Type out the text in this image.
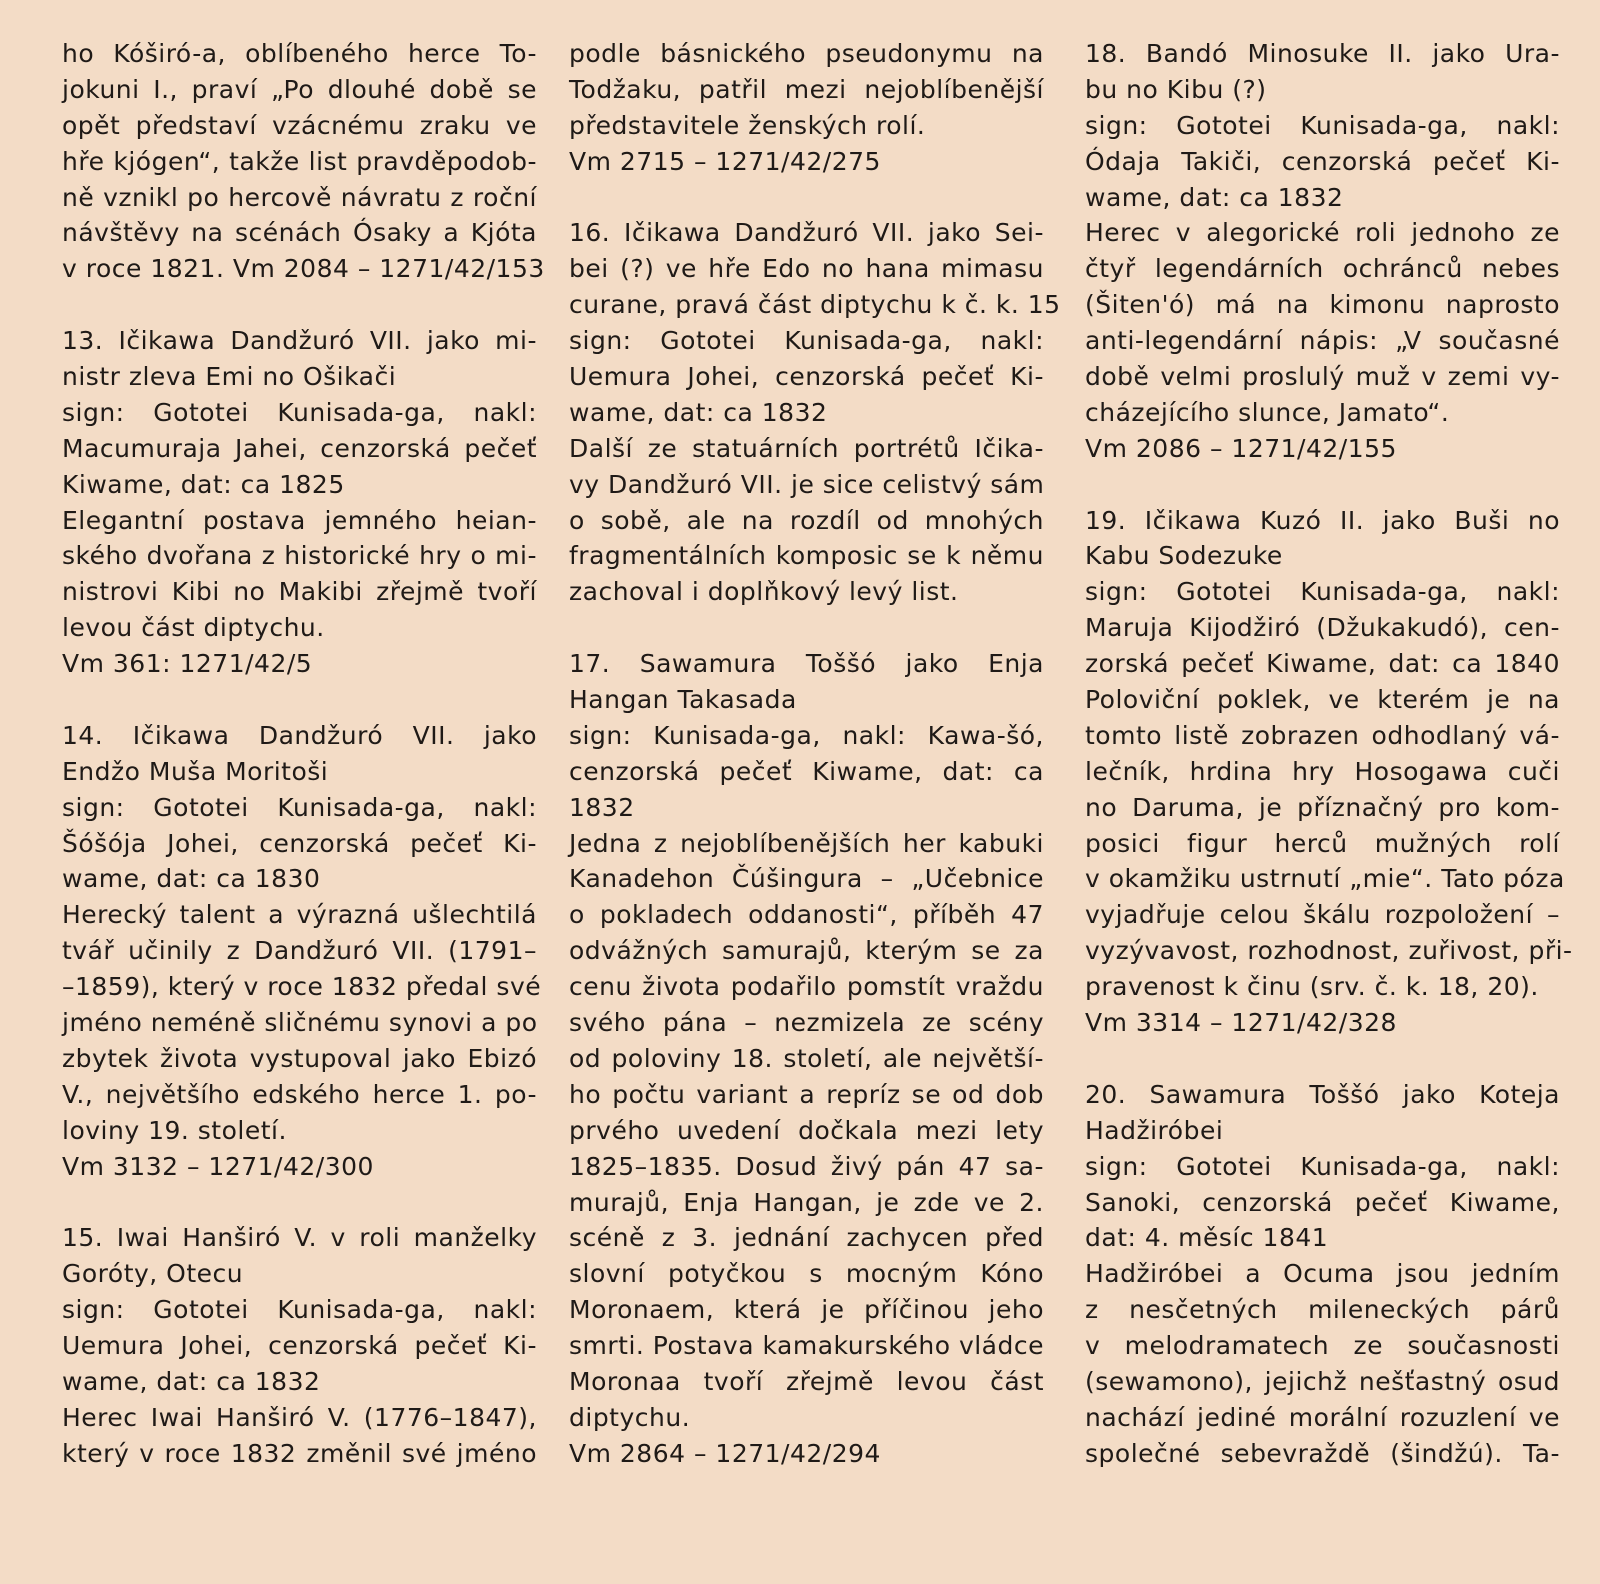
ho Kóširó-a, oblíbeného herce To-
jokuni I., praví „Po dlouhé době se
opět představí vzácnému zraku ve
hře kjógen“, takže list pravděpodob-
ně vznikl po hercově návratu z roční
návštěvy na scénách Ósaky a Kjóta
v roce 1821. Vm 2084 – 1271/42/153
13. Ičikawa Dandžuró VII. jako mi-
nistr zleva Emi no Ošikači
sign: Gototei Kunisada-ga, nakl:
Macumuraja Jahei, cenzorská pečeť
Kiwame, dat: ca 1825
Elegantní postava jemného heian-
ského dvořana z historické hry o mi-
nistrovi Kibi no Makibi zřejmě tvoří
levou část diptychu.
Vm 361: 1271/42/5
14. Ičikawa Dandžuró VII. jako
Endžo Muša Moritoši
sign: Gototei Kunisada-ga, nakl:
Šóšója Johei, cenzorská pečeť Ki-
wame, dat: ca 1830
Herecký talent a výrazná ušlechtilá
tvář učinily z Dandžuró VII. (1791–
–1859), který v roce 1832 předal své
jméno neméně sličnému synovi a po
zbytek života vystupoval jako Ebizó
V., největšího edského herce 1. po-
loviny 19. století.
Vm 3132 – 1271/42/300
15. Iwai Hanširó V. v roli manželky
Goróty, Otecu
sign: Gototei Kunisada-ga, nakl:
Uemura Johei, cenzorská pečeť Ki-
wame, dat: ca 1832
Herec Iwai Hanširó V. (1776–1847),
který v roce 1832 změnil své jméno
podle básnického pseudonymu na
Todžaku, patřil mezi nejoblíbenější
představitele ženských rolí.
Vm 2715 – 1271/42/275
16. Ičikawa Dandžuró VII. jako Sei-
bei (?) ve hře Edo no hana mimasu
curane, pravá část diptychu k č. k. 15
sign: Gototei Kunisada-ga, nakl:
Uemura Johei, cenzorská pečeť Ki-
wame, dat: ca 1832
Další ze statuárních portrétů Ičika-
vy Dandžuró VII. je sice celistvý sám
o sobě, ale na rozdíl od mnohých
fragmentálních komposic se k němu
zachoval i doplňkový levý list.
17. Sawamura Toššó jako Enja
Hangan Takasada
sign: Kunisada-ga, nakl: Kawa-šó,
cenzorská pečeť Kiwame, dat: ca
1832
Jedna z nejoblíbenějších her kabuki
Kanadehon Čúšingura – „Učebnice
o pokladech oddanosti“, příběh 47
odvážných samurajů, kterým se za
cenu života podařilo pomstít vraždu
svého pána – nezmizela ze scény
od poloviny 18. století, ale největší-
ho počtu variant a repríz se od dob
prvého uvedení dočkala mezi lety
1825–1835. Dosud živý pán 47 sa-
murajů, Enja Hangan, je zde ve 2.
scéně z 3. jednání zachycen před
slovní potyčkou s mocným Kóno
Moronaem, která je příčinou jeho
smrti. Postava kamakurského vládce
Moronaa tvoří zřejmě levou část
diptychu.
Vm 2864 – 1271/42/294
18. Bandó Minosuke II. jako Ura-
bu no Kibu (?)
sign: Gototei Kunisada-ga, nakl:
Ódaja Takiči, cenzorská pečeť Ki-
wame, dat: ca 1832
Herec v alegorické roli jednoho ze
čtyř legendárních ochránců nebes
(Šiten'ó) má na kimonu naprosto
anti-legendární nápis: „V současné
době velmi proslulý muž v zemi vy-
cházejícího slunce, Jamato“.
Vm 2086 – 1271/42/155
19. Ičikawa Kuzó II. jako Buši no
Kabu Sodezuke
sign: Gototei Kunisada-ga, nakl:
Maruja Kijodžiró (Džukakudó), cen-
zorská pečeť Kiwame, dat: ca 1840
Poloviční poklek, ve kterém je na
tomto listě zobrazen odhodlaný vá-
lečník, hrdina hry Hosogawa cuči
no Daruma, je příznačný pro kom-
posici figur herců mužných rolí
v okamžiku ustrnutí „mie“. Tato póza
vyjadřuje celou škálu rozpoložení –
vyzývavost, rozhodnost, zuřivost, při-
pravenost k činu (srv. č. k. 18, 20).
Vm 3314 – 1271/42/328
20. Sawamura Toššó jako Koteja
Hadžiróbei
sign: Gototei Kunisada-ga, nakl:
Sanoki, cenzorská pečeť Kiwame,
dat: 4. měsíc 1841
Hadžiróbei a Ocuma jsou jedním
z nesčetných mileneckých párů
v melodramatech ze současnosti
(sewamono), jejichž nešťastný osud
nachází jediné morální rozuzlení ve
společné sebevraždě (šindžú). Ta-
